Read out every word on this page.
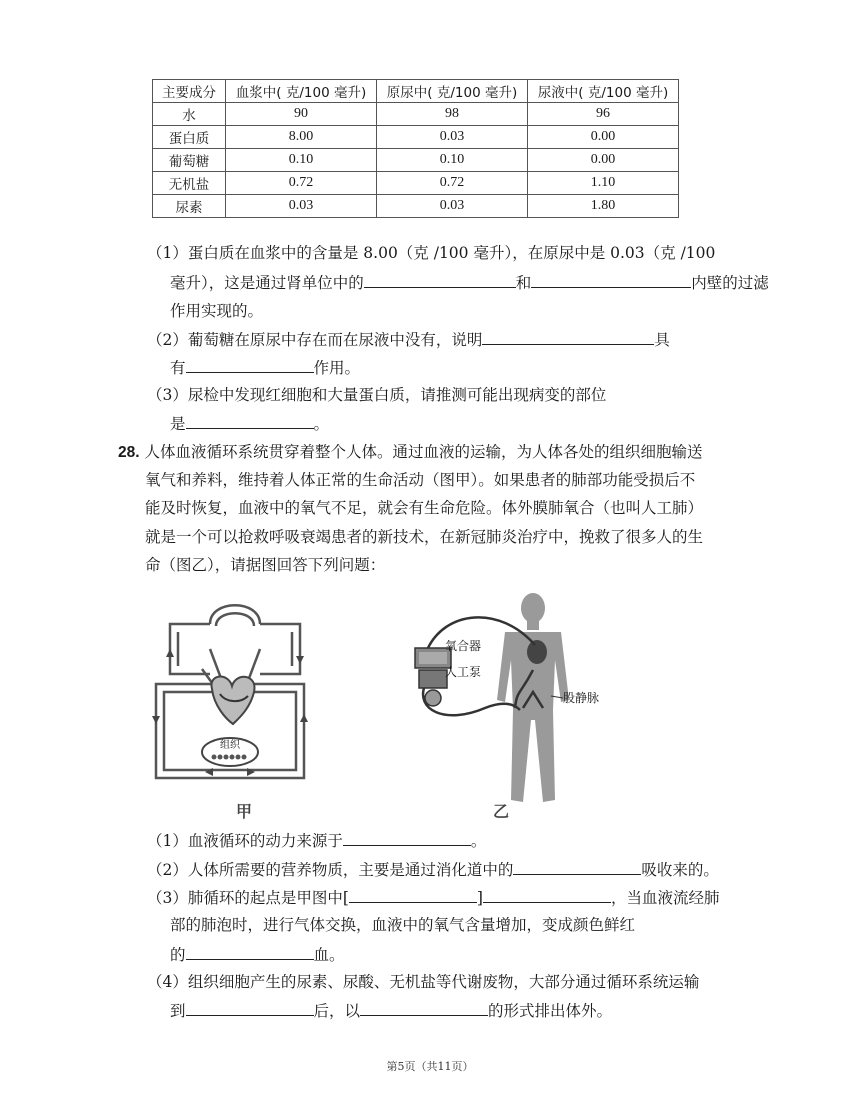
主要成分	血浆中( 克/100 毫升)	原尿中( 克/100 毫升)	尿液中( 克/100 毫升)
水	90	98	96
蛋白质	8.00	0.03	0.00
葡萄糖	0.10	0.10	0.00
无机盐	0.72	0.72	1.10
尿素	0.03	0.03	1.80
（1）蛋白质在血浆中的含量是 8.00（克 /100 毫升），在原尿中是 0.03（克 /100
毫升），这是通过肾单位中的	和	内壁的过滤
作用实现的。
（2）葡萄糖在原尿中存在而在尿液中没有，说明	具
有	作用。
（3）尿检中发现红细胞和大量蛋白质，请推测可能出现病变的部位
是	。
28. 人体血液循环系统贯穿着整个人体。通过血液的运输，为人体各处的组织细胞输送
氧气和养料，维持着人体正常的生命活动（图甲）。如果患者的肺部功能受损后不
能及时恢复，血液中的氧气不足，就会有生命危险。体外膜肺氧合（也叫人工肺）
就是一个可以抢救呼吸衰竭患者的新技术，在新冠肺炎治疗中，挽救了很多人的生
命（图乙），请据图回答下列问题：
组织
甲
氧合器
人工泵
股静脉
乙
（1）血液循环的动力来源于	。
（2）人体所需要的营养物质，主要是通过消化道中的	吸收来的。
（3）肺循环的起点是甲图中[	]	，当血液流经肺
部的肺泡时，进行气体交换，血液中的氧气含量增加，变成颜色鲜红
的	血。
（4）组织细胞产生的尿素、尿酸、无机盐等代谢废物，大部分通过循环系统运输
到	后，以	的形式排出体外。
第5页（共11页）
